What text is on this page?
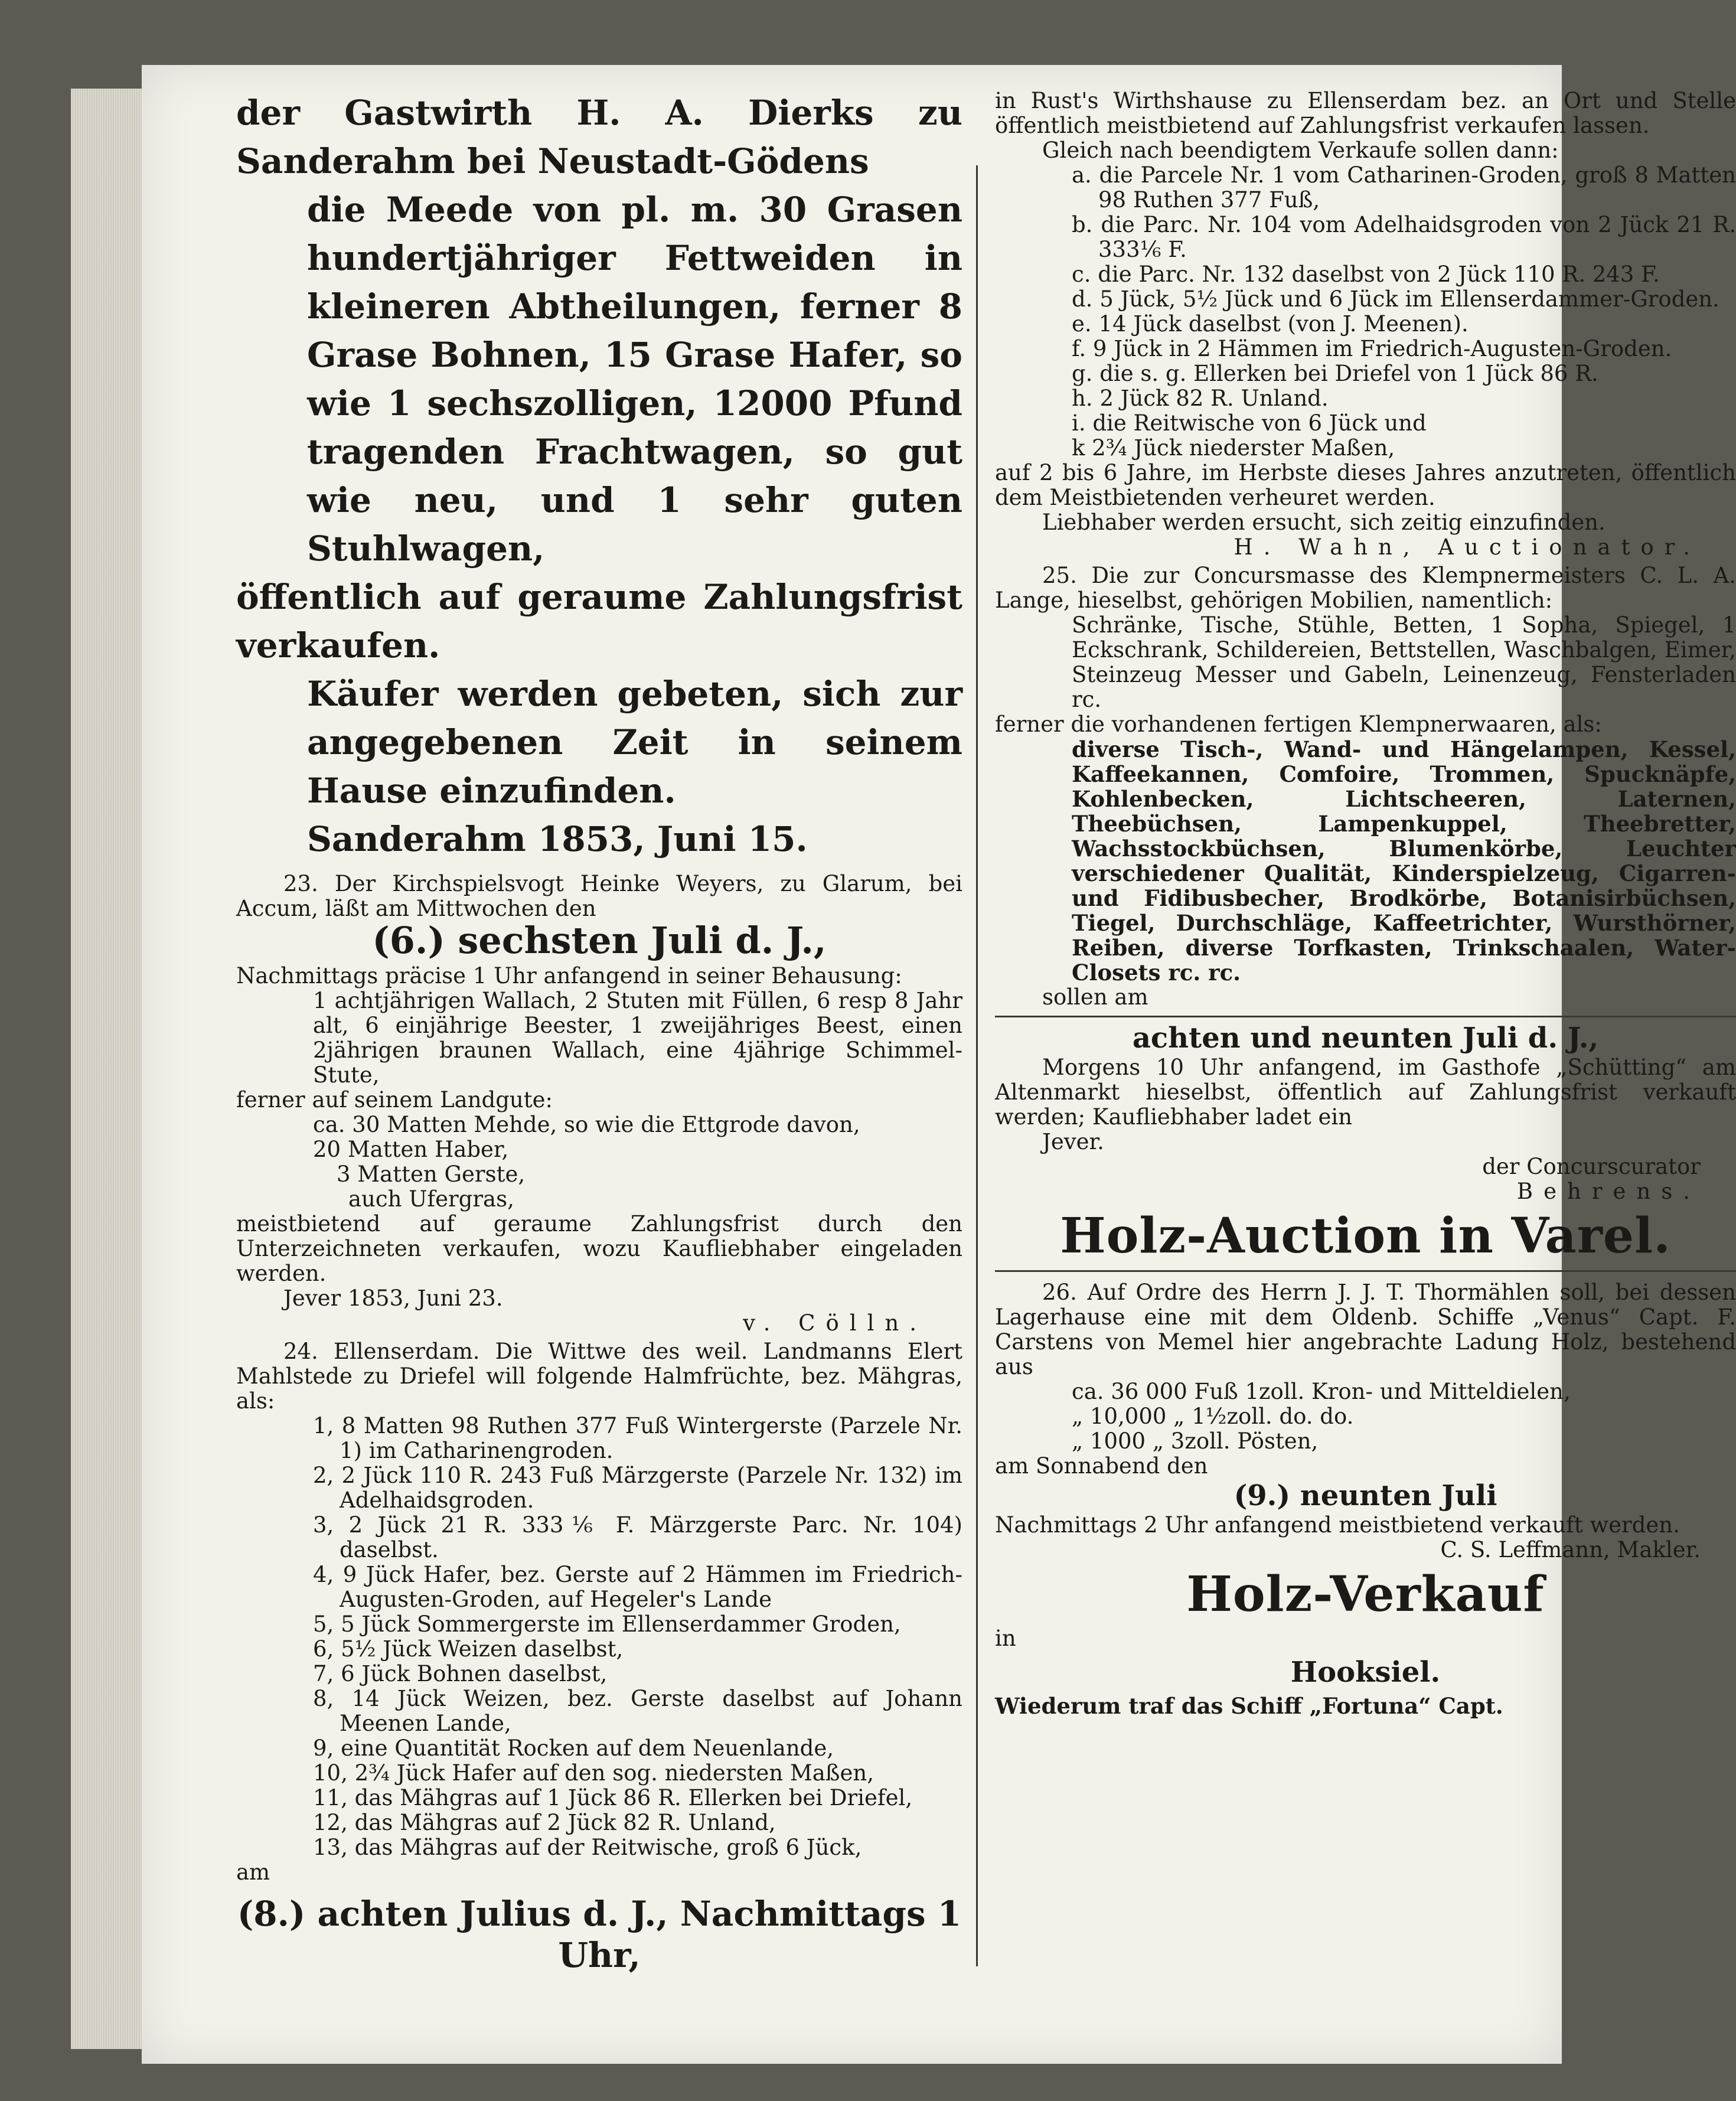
der Gastwirth H. A. Dierks zu Sanderahm bei Neustadt-Gödens

die Meede von pl. m. 30 Grasen hundertjähriger Fettweiden in kleineren Abtheilungen, ferner 8 Grase Bohnen, 15 Grase Hafer, so wie 1 sechszolligen, 12000 Pfund tragenden Frachtwagen, so gut wie neu, und 1 sehr guten Stuhlwagen,

öffentlich auf geraume Zahlungsfrist verkaufen.

Käufer werden gebeten, sich zur angegebenen Zeit in seinem Hause einzufinden.

Sanderahm 1853, Juni 15.

23. Der Kirchspielsvogt Heinke Weyers, zu Glarum, bei Accum, läßt am Mittwochen den

(6.) sechsten Juli d. J.,

Nachmittags präcise 1 Uhr anfangend in seiner Behausung:

1 achtjährigen Wallach, 2 Stuten mit Füllen, 6 resp 8 Jahr alt, 6 einjährige Beester, 1 zweijähriges Beest, einen 2jährigen braunen Wallach, eine 4jährige Schimmel-Stute,

ferner auf seinem Landgute:

ca. 30 Matten Mehde, so wie die Ettgrode davon,

20 Matten Haber,

3 Matten Gerste,

auch Ufergras,

meistbietend auf geraume Zahlungsfrist durch den Unterzeichneten verkaufen, wozu Kaufliebhaber eingeladen werden.

Jever 1853, Juni 23.

v. Cölln.

24. Ellenserdam. Die Wittwe des weil. Landmanns Elert Mahlstede zu Driefel will folgende Halmfrüchte, bez. Mähgras, als:

1, 8 Matten 98 Ruthen 377 Fuß Wintergerste (Parzele Nr. 1) im Catharinengroden.

2, 2 Jück 110 R. 243 Fuß Märzgerste (Parzele Nr. 132) im Adelhaidsgroden.

3, 2 Jück 21 R. 333⅙ F. Märzgerste Parc. Nr. 104) daselbst.

4, 9 Jück Hafer, bez. Gerste auf 2 Hämmen im Friedrich-Augusten-Groden, auf Hegeler's Lande

5, 5 Jück Sommergerste im Ellenserdammer Groden,

6, 5½ Jück Weizen daselbst,

7, 6 Jück Bohnen daselbst,

8, 14 Jück Weizen, bez. Gerste daselbst auf Johann Meenen Lande,

9, eine Quantität Rocken auf dem Neuenlande,

10, 2¾ Jück Hafer auf den sog. niedersten Maßen,

11, das Mähgras auf 1 Jück 86 R. Ellerken bei Driefel,

12, das Mähgras auf 2 Jück 82 R. Unland,

13, das Mähgras auf der Reitwische, groß 6 Jück,

am

(8.) achten Julius d. J., Nachmittags 1 Uhr,

in Rust's Wirthshause zu Ellenserdam bez. an Ort und Stelle öffentlich meistbietend auf Zahlungsfrist verkaufen lassen.

Gleich nach beendigtem Verkaufe sollen dann:

a. die Parcele Nr. 1 vom Catharinen-Groden, groß 8 Matten 98 Ruthen 377 Fuß,

b. die Parc. Nr. 104 vom Adelhaidsgroden von 2 Jück 21 R. 333⅙ F.

c. die Parc. Nr. 132 daselbst von 2 Jück 110 R. 243 F.

d. 5 Jück, 5½ Jück und 6 Jück im Ellenserdammer-Groden.

e. 14 Jück daselbst (von J. Meenen).

f. 9 Jück in 2 Hämmen im Friedrich-Augusten-Groden.

g. die s. g. Ellerken bei Driefel von 1 Jück 86 R.

h. 2 Jück 82 R. Unland.

i. die Reitwische von 6 Jück und

k 2¾ Jück niederster Maßen,

auf 2 bis 6 Jahre, im Herbste dieses Jahres anzutreten, öffentlich dem Meistbietenden verheuret werden.

Liebhaber werden ersucht, sich zeitig einzufinden.

H. Wahn, Auctionator.

25. Die zur Concursmasse des Klempnermeisters C. L. A. Lange, hieselbst, gehörigen Mobilien, namentlich:

Schränke, Tische, Stühle, Betten, 1 Sopha, Spiegel, 1 Eckschrank, Schildereien, Bettstellen, Waschbalgen, Eimer, Steinzeug Messer und Gabeln, Leinenzeug, Fensterladen rc.

ferner die vorhandenen fertigen Klempnerwaaren, als:

diverse Tisch-, Wand- und Hängelampen, Kessel, Kaffeekannen, Comfoire, Trommen, Spucknäpfe, Kohlenbecken, Lichtscheeren, Laternen, Theebüchsen, Lampenkuppel, Theebretter, Wachsstockbüchsen, Blumenkörbe, Leuchter verschiedener Qualität, Kinderspielzeug, Cigarren- und Fidibusbecher, Brodkörbe, Botanisirbüchsen, Tiegel, Durchschläge, Kaffeetrichter, Wursthörner, Reiben, diverse Torfkasten, Trinkschaalen, Water-Closets rc. rc.

sollen am

achten und neunten Juli d. J.,

Morgens 10 Uhr anfangend, im Gasthofe „Schütting“ am Altenmarkt hieselbst, öffentlich auf Zahlungsfrist verkauft werden; Kaufliebhaber ladet ein

Jever.

der Concurscurator

Behrens.

Holz-Auction in Varel.

26. Auf Ordre des Herrn J. J. T. Thormählen soll, bei dessen Lagerhause eine mit dem Oldenb. Schiffe „Venus“ Capt. F. Carstens von Memel hier angebrachte Ladung Holz, bestehend aus

ca. 36 000 Fuß 1zoll. Kron- und Mitteldielen,

„ 10,000 „ 1½zoll. do. do.

„ 1000 „ 3zoll. Pösten,

am Sonnabend den

(9.) neunten Juli

Nachmittags 2 Uhr anfangend meistbietend verkauft werden.

C. S. Leffmann, Makler.

Holz-Verkauf
in
Hooksiel.
Wiederum traf das Schiff „Fortuna“ Capt.
